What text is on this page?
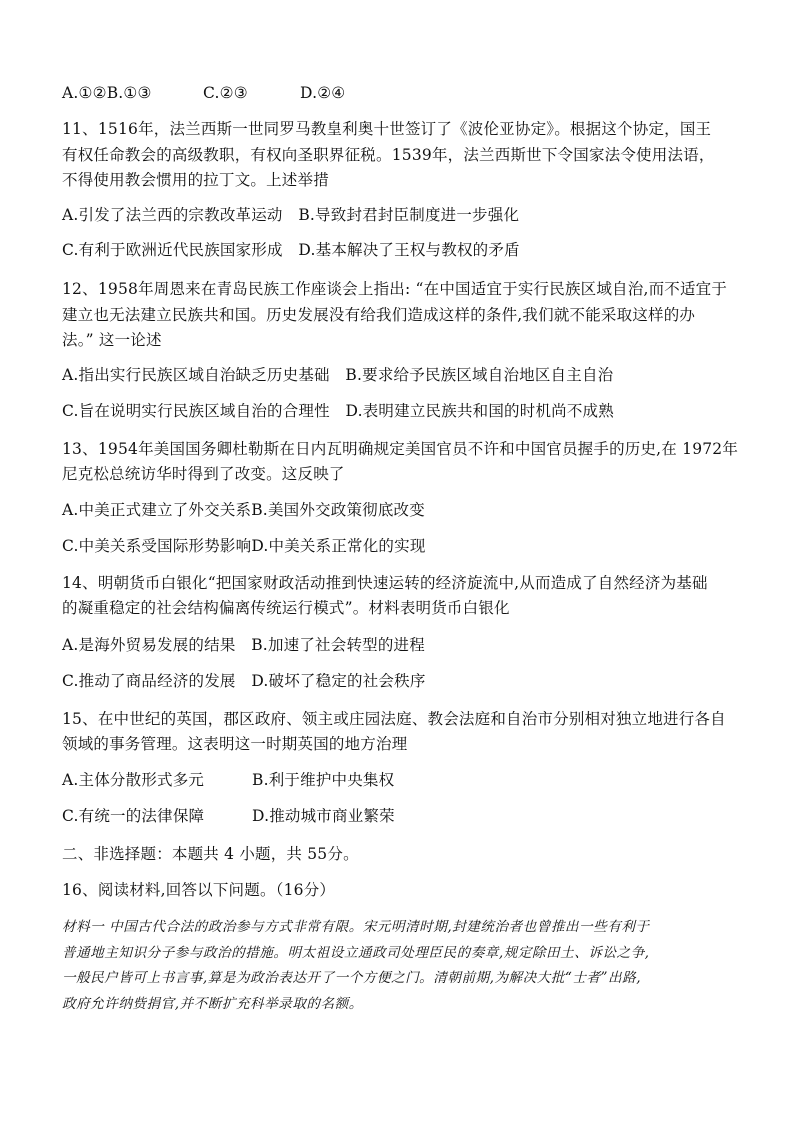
A.①②B.①③	C.②③	D.②④
11、1516年，法兰西斯一世同罗马教皇利奥十世签订了《波伦亚协定》。根据这个协定，国王
有权任命教会的高级教职，有权向圣职界征税。1539年，法兰西斯世下令国家法令使用法语，
不得使用教会惯用的拉丁文。上述举措
A.引发了法兰西的宗教改革运动　B.导致封君封臣制度进一步强化
C.有利于欧洲近代民族国家形成　D.基本解决了王权与教权的矛盾
12、1958年周恩来在青岛民族工作座谈会上指出: “在中国适宜于实行民族区域自治,而不适宜于
建立也无法建立民族共和国。历史发展没有给我们造成这样的条件,我们就不能采取这样的办
法。” 这一论述
A.指出实行民族区域自治缺乏历史基础　B.要求给予民族区域自治地区自主自治
C.旨在说明实行民族区域自治的合理性　D.表明建立民族共和国的时机尚不成熟
13、1954年美国国务卿杜勒斯在日内瓦明确规定美国官员不许和中国官员握手的历史,在 1972年
尼克松总统访华时得到了改变。这反映了
A.中美正式建立了外交关系B.美国外交政策彻底改变
C.中美关系受国际形势影响D.中美关系正常化的实现
14、明朝货币白银化“把国家财政活动推到快速运转的经济旋流中,从而造成了自然经济为基础
的凝重稳定的社会结构偏离传统运行模式”。材料表明货币白银化
A.是海外贸易发展的结果　B.加速了社会转型的进程
C.推动了商品经济的发展　D.破坏了稳定的社会秩序
15、在中世纪的英国，郡区政府、领主或庄园法庭、教会法庭和自治市分别相对独立地进行各自
领域的事务管理。这表明这一时期英国的地方治理
A.主体分散形式多元	B.利于维护中央集权
C.有统一的法律保障	D.推动城市商业繁荣
二、非选择题：本题共 4 小题，共 55分。
16、阅读材料,回答以下问题。（16分）
材料一 中国古代合法的政治参与方式非常有限。宋元明清时期,封建统治者也曾推出一些有利于
普通地主知识分子参与政治的措施。明太祖设立通政司处理臣民的奏章,规定除田土、诉讼之争,
一般民户皆可上书言事,算是为政治表达开了一个方便之门。清朝前期,为解决大批“士者”出路,
政府允许纳赀捐官,并不断扩充科举录取的名额。
